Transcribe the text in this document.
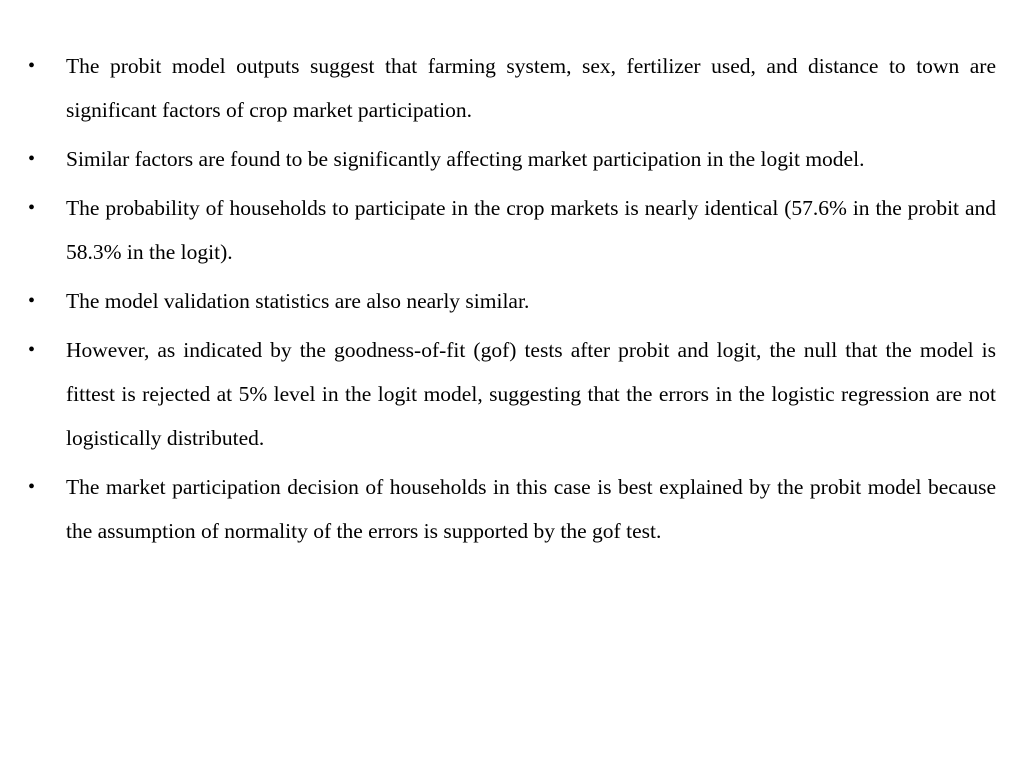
•	The probit model outputs suggest that farming system, sex, fertilizer used, and distance to town are significant factors of crop market participation.
•	Similar factors are found to be significantly affecting market participation in the logit model.
•	The probability of households to participate in the crop markets is nearly identical (57.6% in the probit and 58.3% in the logit).
•	The model validation statistics are also nearly similar.
•	However, as indicated by the goodness-of-fit (gof) tests after probit and logit, the null that the model is fittest is rejected at 5% level in the logit model, suggesting that the errors in the logistic regression are not logistically distributed.
•	The market participation decision of households in this case is best explained by the probit model because the assumption of normality of the errors is supported by the gof test.
